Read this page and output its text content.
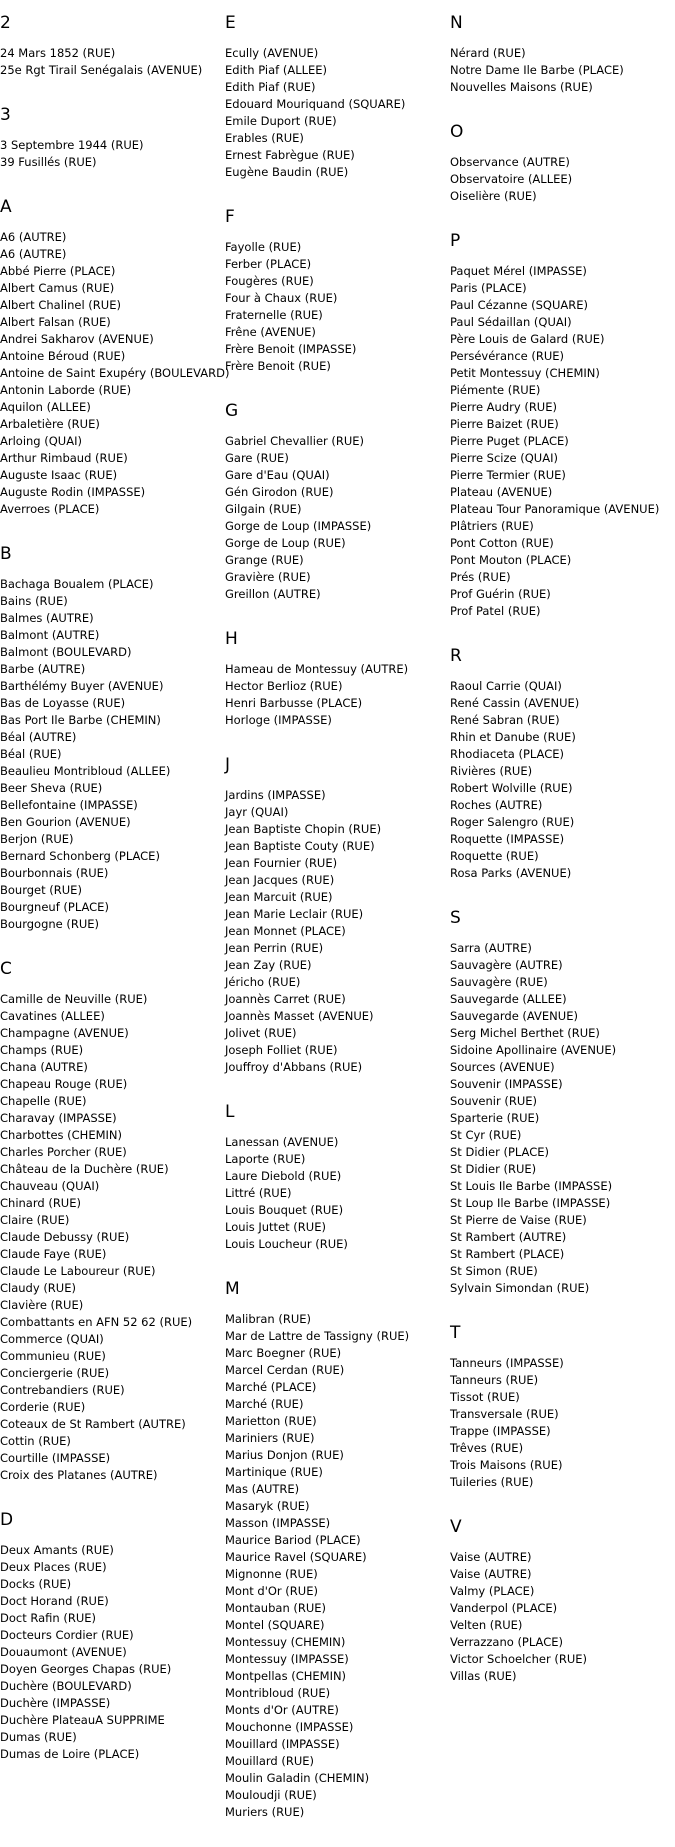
2
24 Mars 1852 (RUE)
25e Rgt Tirail Senégalais (AVENUE)
3
3 Septembre 1944 (RUE)
39 Fusillés (RUE)
A
A6 (AUTRE)
A6 (AUTRE)
Abbé Pierre (PLACE)
Albert Camus (RUE)
Albert Chalinel (RUE)
Albert Falsan (RUE)
Andrei Sakharov (AVENUE)
Antoine Béroud (RUE)
Antoine de Saint Exupéry (BOULEVARD)
Antonin Laborde (RUE)
Aquilon (ALLEE)
Arbaletière (RUE)
Arloing (QUAI)
Arthur Rimbaud (RUE)
Auguste Isaac (RUE)
Auguste Rodin (IMPASSE)
Averroes (PLACE)
B
Bachaga Boualem (PLACE)
Bains (RUE)
Balmes (AUTRE)
Balmont (AUTRE)
Balmont (BOULEVARD)
Barbe (AUTRE)
Barthélémy Buyer (AVENUE)
Bas de Loyasse (RUE)
Bas Port Ile Barbe (CHEMIN)
Béal (AUTRE)
Béal (RUE)
Beaulieu Montribloud (ALLEE)
Beer Sheva (RUE)
Bellefontaine (IMPASSE)
Ben Gourion (AVENUE)
Berjon (RUE)
Bernard Schonberg (PLACE)
Bourbonnais (RUE)
Bourget (RUE)
Bourgneuf (PLACE)
Bourgogne (RUE)
C
Camille de Neuville (RUE)
Cavatines (ALLEE)
Champagne (AVENUE)
Champs (RUE)
Chana (AUTRE)
Chapeau Rouge (RUE)
Chapelle (RUE)
Charavay (IMPASSE)
Charbottes (CHEMIN)
Charles Porcher (RUE)
Château de la Duchère (RUE)
Chauveau (QUAI)
Chinard (RUE)
Claire (RUE)
Claude Debussy (RUE)
Claude Faye (RUE)
Claude Le Laboureur (RUE)
Claudy (RUE)
Clavière (RUE)
Combattants en AFN 52 62 (RUE)
Commerce (QUAI)
Communieu (RUE)
Conciergerie (RUE)
Contrebandiers (RUE)
Corderie (RUE)
Coteaux de St Rambert (AUTRE)
Cottin (RUE)
Courtille (IMPASSE)
Croix des Platanes (AUTRE)
D
Deux Amants (RUE)
Deux Places (RUE)
Docks (RUE)
Doct Horand (RUE)
Doct Rafin (RUE)
Docteurs Cordier (RUE)
Douaumont (AVENUE)
Doyen Georges Chapas (RUE)
Duchère (BOULEVARD)
Duchère (IMPASSE)
Duchère PlateauA SUPPRIME
Dumas (RUE)
Dumas de Loire (PLACE)
E
Ecully (AVENUE)
Edith Piaf (ALLEE)
Edith Piaf (RUE)
Edouard Mouriquand (SQUARE)
Emile Duport (RUE)
Erables (RUE)
Ernest Fabrègue (RUE)
Eugène Baudin (RUE)
F
Fayolle (RUE)
Ferber (PLACE)
Fougères (RUE)
Four à Chaux (RUE)
Fraternelle (RUE)
Frêne (AVENUE)
Frère Benoit (IMPASSE)
Frère Benoit (RUE)
G
Gabriel Chevallier (RUE)
Gare (RUE)
Gare d'Eau (QUAI)
Gén Girodon (RUE)
Gilgain (RUE)
Gorge de Loup (IMPASSE)
Gorge de Loup (RUE)
Grange (RUE)
Gravière (RUE)
Greillon (AUTRE)
H
Hameau de Montessuy (AUTRE)
Hector Berlioz (RUE)
Henri Barbusse (PLACE)
Horloge (IMPASSE)
J
Jardins (IMPASSE)
Jayr (QUAI)
Jean Baptiste Chopin (RUE)
Jean Baptiste Couty (RUE)
Jean Fournier (RUE)
Jean Jacques (RUE)
Jean Marcuit (RUE)
Jean Marie Leclair (RUE)
Jean Monnet (PLACE)
Jean Perrin (RUE)
Jean Zay (RUE)
Jéricho (RUE)
Joannès Carret (RUE)
Joannès Masset (AVENUE)
Jolivet (RUE)
Joseph Folliet (RUE)
Jouffroy d'Abbans (RUE)
L
Lanessan (AVENUE)
Laporte (RUE)
Laure Diebold (RUE)
Littré (RUE)
Louis Bouquet (RUE)
Louis Juttet (RUE)
Louis Loucheur (RUE)
M
Malibran (RUE)
Mar de Lattre de Tassigny (RUE)
Marc Boegner (RUE)
Marcel Cerdan (RUE)
Marché (PLACE)
Marché (RUE)
Marietton (RUE)
Mariniers (RUE)
Marius Donjon (RUE)
Martinique (RUE)
Mas (AUTRE)
Masaryk (RUE)
Masson (IMPASSE)
Maurice Bariod (PLACE)
Maurice Ravel (SQUARE)
Mignonne (RUE)
Mont d'Or (RUE)
Montauban (RUE)
Montel (SQUARE)
Montessuy (CHEMIN)
Montessuy (IMPASSE)
Montpellas (CHEMIN)
Montribloud (RUE)
Monts d'Or (AUTRE)
Mouchonne (IMPASSE)
Mouillard (IMPASSE)
Mouillard (RUE)
Moulin Galadin (CHEMIN)
Mouloudji (RUE)
Muriers (RUE)
N
Nérard (RUE)
Notre Dame Ile Barbe (PLACE)
Nouvelles Maisons (RUE)
O
Observance (AUTRE)
Observatoire (ALLEE)
Oiselière (RUE)
P
Paquet Mérel (IMPASSE)
Paris (PLACE)
Paul Cézanne (SQUARE)
Paul Sédaillan (QUAI)
Père Louis de Galard (RUE)
Persévérance (RUE)
Petit Montessuy (CHEMIN)
Piémente (RUE)
Pierre Audry (RUE)
Pierre Baizet (RUE)
Pierre Puget (PLACE)
Pierre Scize (QUAI)
Pierre Termier (RUE)
Plateau (AVENUE)
Plateau Tour Panoramique (AVENUE)
Plâtriers (RUE)
Pont Cotton (RUE)
Pont Mouton (PLACE)
Prés (RUE)
Prof Guérin (RUE)
Prof Patel (RUE)
R
Raoul Carrie (QUAI)
René Cassin (AVENUE)
René Sabran (RUE)
Rhin et Danube (RUE)
Rhodiaceta (PLACE)
Rivières (RUE)
Robert Wolville (RUE)
Roches (AUTRE)
Roger Salengro (RUE)
Roquette (IMPASSE)
Roquette (RUE)
Rosa Parks (AVENUE)
S
Sarra (AUTRE)
Sauvagère (AUTRE)
Sauvagère (RUE)
Sauvegarde (ALLEE)
Sauvegarde (AVENUE)
Serg Michel Berthet (RUE)
Sidoine Apollinaire (AVENUE)
Sources (AVENUE)
Souvenir (IMPASSE)
Souvenir (RUE)
Sparterie (RUE)
St Cyr (RUE)
St Didier (PLACE)
St Didier (RUE)
St Louis Ile Barbe (IMPASSE)
St Loup Ile Barbe (IMPASSE)
St Pierre de Vaise (RUE)
St Rambert (AUTRE)
St Rambert (PLACE)
St Simon (RUE)
Sylvain Simondan (RUE)
T
Tanneurs (IMPASSE)
Tanneurs (RUE)
Tissot (RUE)
Transversale (RUE)
Trappe (IMPASSE)
Trêves (RUE)
Trois Maisons (RUE)
Tuileries (RUE)
V
Vaise (AUTRE)
Vaise (AUTRE)
Valmy (PLACE)
Vanderpol (PLACE)
Velten (RUE)
Verrazzano (PLACE)
Victor Schoelcher (RUE)
Villas (RUE)
